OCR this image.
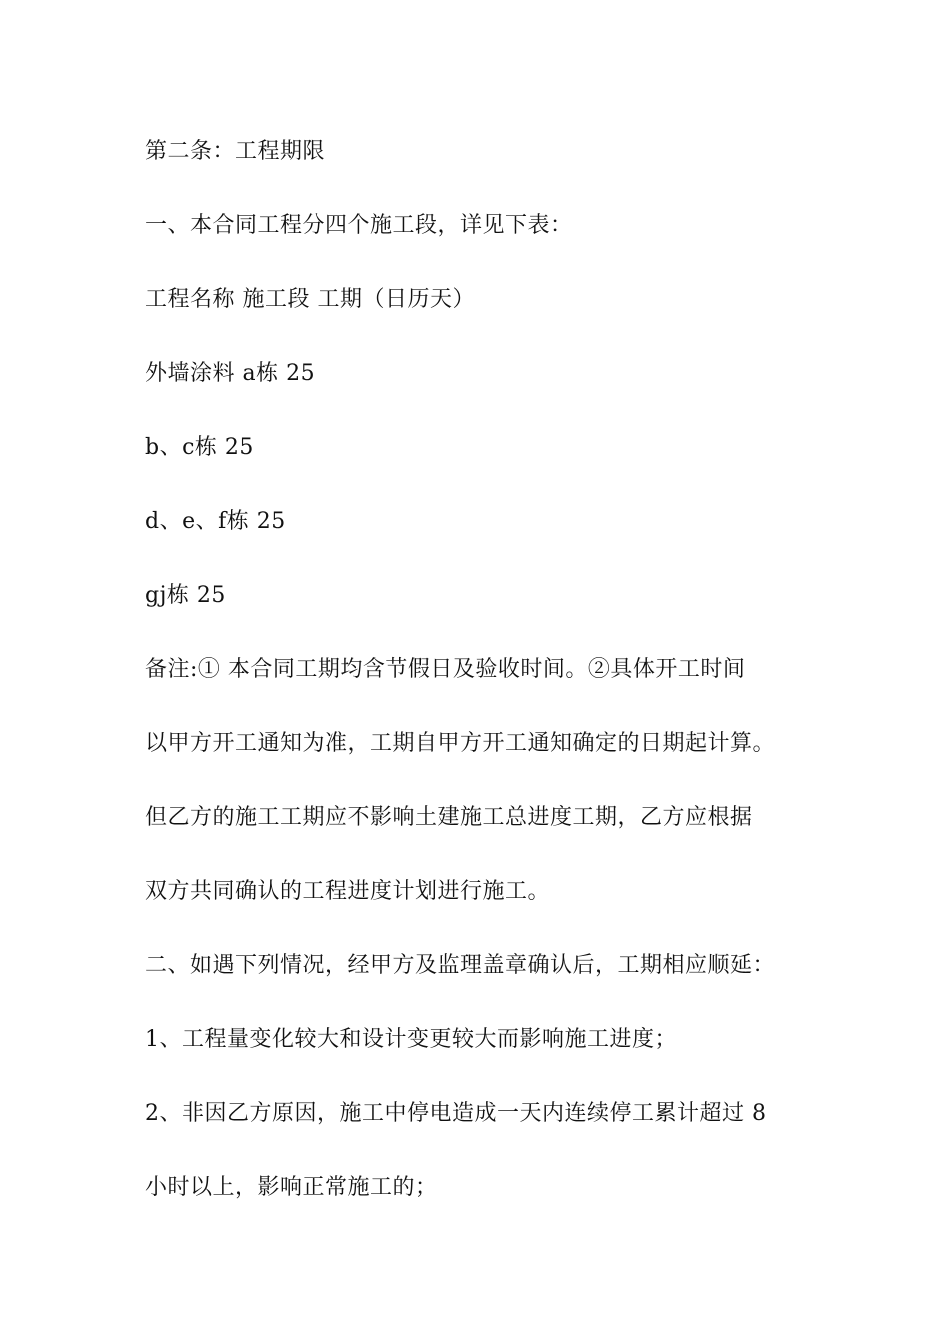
第二条：工程期限
一、本合同工程分四个施工段，详见下表：
工程名称 施工段 工期（日历天）
外墙涂料 a栋 25
b、c栋 25
d、e、f栋 25
gj栋 25
备注:① 本合同工期均含节假日及验收时间。②具体开工时间
以甲方开工通知为准，工期自甲方开工通知确定的日期起计算。
但乙方的施工工期应不影响土建施工总进度工期，乙方应根据
双方共同确认的工程进度计划进行施工。
二、如遇下列情况，经甲方及监理盖章确认后，工期相应顺延：
1、工程量变化较大和设计变更较大而影响施工进度；
2、非因乙方原因，施工中停电造成一天内连续停工累计超过 8
小时以上，影响正常施工的；
